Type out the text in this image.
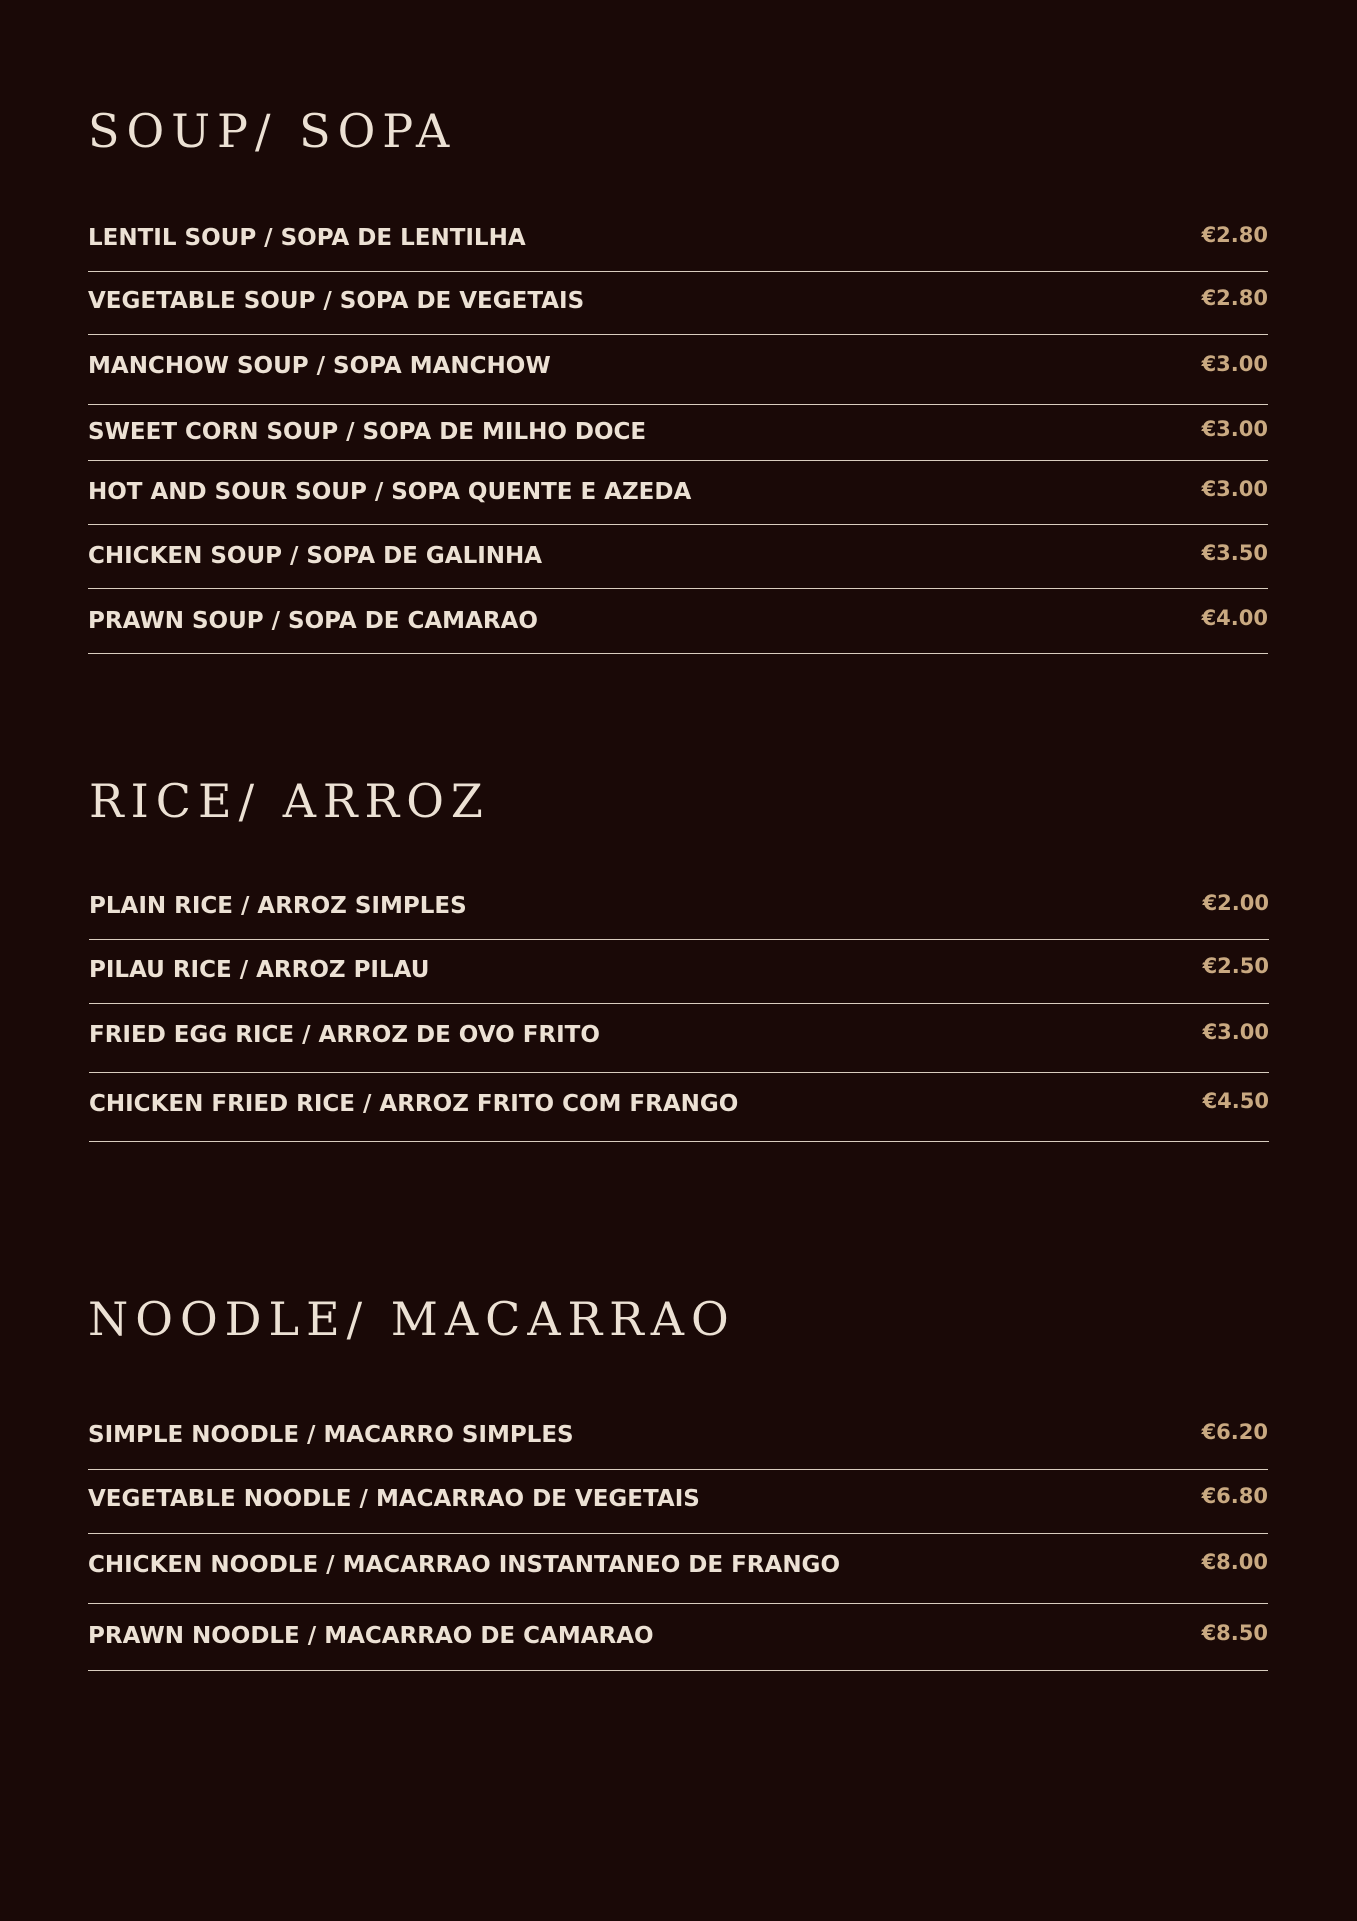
SOUP/ SOPA
LENTIL SOUP / SOPA DE LENTILHA	€2.80
VEGETABLE SOUP / SOPA DE VEGETAIS	€2.80
MANCHOW SOUP / SOPA MANCHOW	€3.00
SWEET CORN SOUP / SOPA DE MILHO DOCE	€3.00
HOT AND SOUR SOUP / SOPA QUENTE E AZEDA	€3.00
CHICKEN SOUP / SOPA DE GALINHA	€3.50
PRAWN SOUP / SOPA DE CAMARAO	€4.00
RICE/ ARROZ
PLAIN RICE / ARROZ SIMPLES	€2.00
PILAU RICE / ARROZ PILAU	€2.50
FRIED EGG RICE / ARROZ DE OVO FRITO	€3.00
CHICKEN FRIED RICE / ARROZ FRITO COM FRANGO	€4.50
NOODLE/ MACARRAO
SIMPLE NOODLE / MACARRO SIMPLES	€6.20
VEGETABLE NOODLE / MACARRAO DE VEGETAIS	€6.80
CHICKEN NOODLE / MACARRAO INSTANTANEO DE FRANGO	€8.00
PRAWN NOODLE / MACARRAO DE CAMARAO	€8.50
